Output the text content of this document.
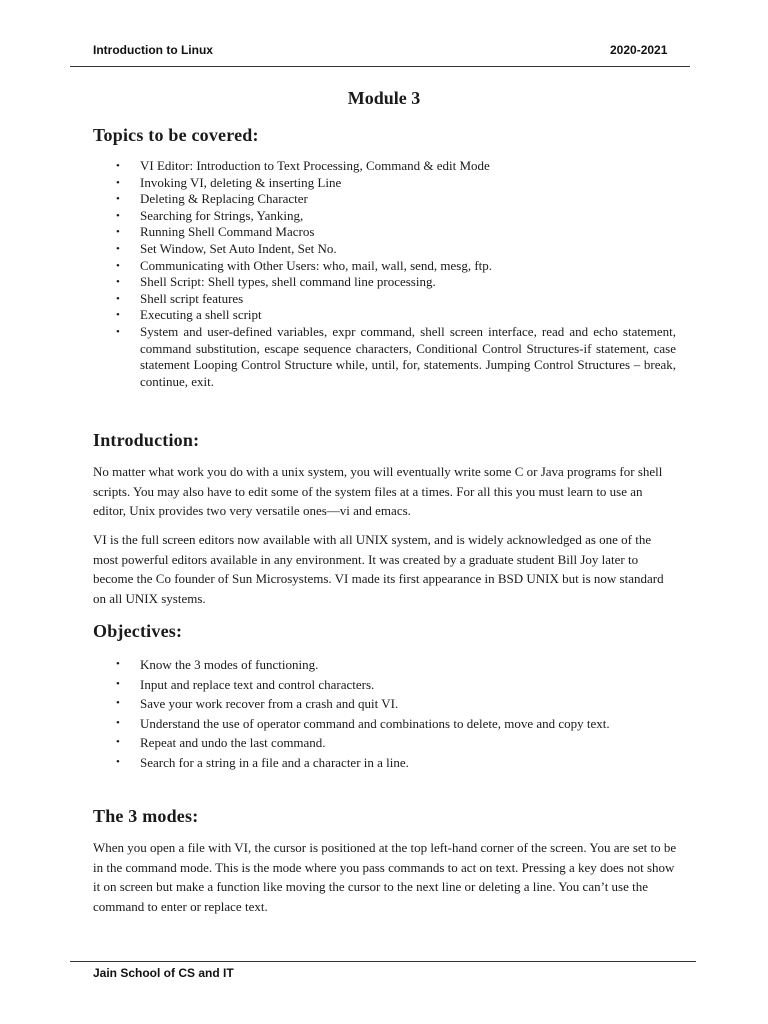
Introduction to Linux	2020-2021
Module 3
Topics to be covered:
• VI Editor: Introduction to Text Processing, Command & edit Mode
• Invoking VI, deleting & inserting Line
• Deleting & Replacing Character
• Searching for Strings, Yanking,
• Running Shell Command Macros
• Set Window, Set Auto Indent, Set No.
• Communicating with Other Users: who, mail, wall, send, mesg, ftp.
• Shell Script: Shell types, shell command line processing.
• Shell script features
• Executing a shell script
• System and user-defined variables, expr command, shell screen interface, read and echo statement, command substitution, escape sequence characters, Conditional Control Structures-if statement, case statement Looping Control Structure while, until, for, statements. Jumping Control Structures – break, continue, exit.
Introduction:

No matter what work you do with a unix system, you will eventually write some C or Java programs for shell scripts. You may also have to edit some of the system files at a times. For all this you must learn to use an editor, Unix provides two very versatile ones—vi and emacs.

VI is the full screen editors now available with all UNIX system, and is widely acknowledged as one of the most powerful editors available in any environment. It was created by a graduate student Bill Joy later to become the Co founder of Sun Microsystems. VI made its first appearance in BSD UNIX but is now standard on all UNIX systems.

Objectives:
• Know the 3 modes of functioning.
• Input and replace text and control characters.
• Save your work recover from a crash and quit VI.
• Understand the use of operator command and combinations to delete, move and copy text.
• Repeat and undo the last command.
• Search for a string in a file and a character in a line.
The 3 modes:

When you open a file with VI, the cursor is positioned at the top left-hand corner of the screen. You are set to be in the command mode. This is the mode where you pass commands to act on text. Pressing a key does not show it on screen but make a function like moving the cursor to the next line or deleting a line. You can’t use the command to enter or replace text.

Jain School of CS and IT
